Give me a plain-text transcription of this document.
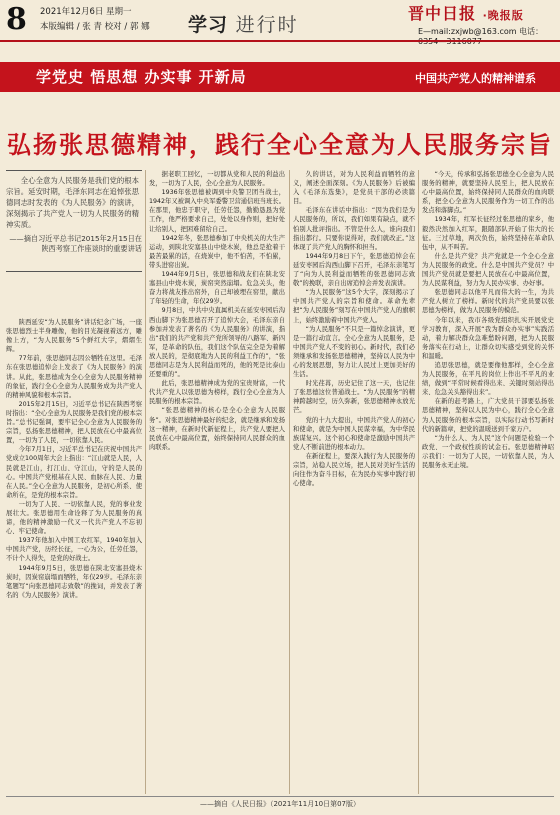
8 2021年12月6日 星期一
本版编辑 / 张 青 校对 / 郭 娜 学习 进行时
晋中日报 ·晚报版
E—mail:zxjwb@163.com 电话：
学党史 悟思想 办实事 开新局	中国共产党人的精神谱系
弘扬张思德精神，践行全心全意为人民服务宗旨

全心全意为人民服务是我们党的根本宗旨。延安时期，毛泽东同志在追悼张思德同志时发表的《为人民服务》的演讲，深刻揭示了共产党人一切为人民服务的精神实质。

——摘自习近平总书记2015年2月15日在陕西考察工作座谈时的重要讲话

陕西延安“为人民服务”讲话纪念广场，一座张思德烈士半身雕像，他的目光凝视着远方，雕像上方，“为人民服务”5个鲜红大字，熠熠生辉。

77年前，张思德同志因公牺牲在这里。毛泽东在张思德追悼会上发表了《为人民服务》的演讲。从此，张思德成为全心全意为人民服务精神的象征，践行全心全意为人民服务成为共产党人的精神风貌和根本宗旨。

2015年2月15日，习近平总书记在陕西考察时指出：“全心全意为人民服务是我们党的根本宗旨。”总书记强调，要牢记全心全意为人民服务的宗旨，弘扬张思德精神，把人民放在心中最高位置，一切为了人民，一切依靠人民。

今年7月1日，习近平总书记在庆祝中国共产党成立100周年大会上指出：“江山就是人民，人民就是江山，打江山、守江山，守的是人民的心。中国共产党根基在人民、血脉在人民、力量在人民。”全心全意为人民服务，是初心所系、使命所在，是党的根本宗旨。

一切为了人民、一切依靠人民，党的事业发展壮大。张思德用生命诠释了为人民服务的真谛，他的精神激励一代又一代共产党人不忘初心、牢记使命。

1937年他加入中国工农红军，1940年加入中国共产党，历经长征，一心为公，任劳任怨，不计个人得失，是党的好战士。

1944年9月5日，张思德在陕北安塞县烧木炭时，因炭窑崩塌而牺牲，年仅29岁。毛泽东亲笔题写“向张思德同志致敬”的挽词，并发表了著名的《为人民服务》演讲。

据老职工回忆，一切都从党和人民的利益出发，一切为了人民，全心全意为人民服务。

1936年张思德被调到中央警卫团当战士，1942年又被调入中央军委警卫营通信班当班长。在那里，他忠于职守，任劳任怨，勤勤恳恳为党工作，他严格要求自己，处处以身作则，把好处让给别人，把困难留给自己。

1942年冬，张思德参加了中央机关的大生产运动，到陕北安塞县山中烧木炭，他总是抢着干最苦最累的活，在烧炭中，他不怕苦，不怕累，带头进窑出炭。

1944年9月5日，张思德和战友们在陕北安塞县山中烧木炭，炭窑突然崩塌。危急关头，他奋力将战友推出窑外，自己却被埋在窑里，献出了年轻的生命，年仅29岁。

9月8日，中共中央直属机关在延安枣园后沟西山脚下为张思德召开了追悼大会，毛泽东亲自参加并发表了著名的《为人民服务》的讲演，指出“我们的共产党和共产党所领导的八路军、新四军，是革命的队伍，我们这个队伍完全是为着解放人民的，是彻底地为人民的利益工作的”，“张思德同志是为人民利益而死的，他的死是比泰山还要重的”。

此后，张思德精神成为党的宝贵财富，一代代共产党人以张思德为榜样，践行全心全意为人民服务的根本宗旨。

“张思德精神的核心是全心全意为人民服务”。对张思德精神最好的纪念，就是继承和发扬这一精神，在新时代新征程上，共产党人要把人民放在心中最高位置，始终保持同人民群众的血肉联系。

久的讲话，对为人民利益而牺牲的意义，阐述全面深刻。《为人民服务》后被编入《毛泽东选集》，是党员干部的必读篇目。

毛泽东在讲话中指出：“因为我们是为人民服务的，所以，我们如果有缺点，就不怕别人批评指出。不管是什么人，谁向我们指出都行。只要你说得对，我们就改正。”这体现了共产党人的胸怀和担当。

1944年9月8日下午，张思德追悼会在延安枣园后沟西山脚下召开，毛泽东亲笔写了“向为人民利益而牺牲的张思德同志致敬”的挽联，亲自出席追悼会并发表演讲。

“为人民服务”这5个大字，深刻揭示了中国共产党人的宗旨和使命。革命先辈把“为人民服务”刻写在中国共产党人的旗帜上，始终激励着中国共产党人。

“为人民服务”不只是一篇悼念演讲，更是一篇行动宣言。全心全意为人民服务，是中国共产党人不变的初心。新时代，我们必须继承和发扬张思德精神，坚持以人民为中心的发展思想，努力让人民过上更加美好的生活。

时光荏苒，历史记住了这一天，也记住了张思德这位普通战士。“为人民服务”的精神跨越时空，历久弥新，张思德精神永放光芒。

党的十九大提出，中国共产党人的初心和使命，就是为中国人民谋幸福，为中华民族谋复兴。这个初心和使命是激励中国共产党人不断前进的根本动力。

在新征程上，要深入践行为人民服务的宗旨，站稳人民立场，把人民对美好生活的向往作为奋斗目标，在为民办实事中践行初心使命。

“今天，传承和弘扬张思德全心全意为人民服务的精神，就要坚持人民至上，把人民放在心中最高位置，始终保持同人民群众的血肉联系，把全心全意为人民服务作为一切工作的出发点和落脚点。”

1934年，红军长征经过张思德的家乡，他毅然决然加入红军，跟随部队开始了伟大的长征。三过草地，两次负伤，始终坚持在革命队伍中，从不叫苦。

什么是共产党？共产党就是一个全心全意为人民服务的政党。什么是中国共产党员？中国共产党员就是要把人民放在心中最高位置，为人民谋利益，努力为人民办实事、办好事。

张思德同志以他平凡而伟大的一生，为共产党人树立了榜样。新时代的共产党员要以张思德为榜样，做为人民服务的模范。

今年以来，我市各级党组织扎实开展党史学习教育，深入开展“我为群众办实事”实践活动，着力解决群众急难愁盼问题，把为人民服务落实在行动上，让群众切实感受到党的关怀和温暖。

追思张思德，就是要像他那样，全心全意为人民服务，在平凡的岗位上作出不平凡的业绩，做到“平常时候看得出来、关键时刻站得出来、危急关头豁得出来”。

在新的赶考路上，广大党员干部要弘扬张思德精神，坚持以人民为中心，践行全心全意为人民服务的根本宗旨，以实际行动书写新时代的新篇章，把党的温暖送到千家万户。

“为什么人、为人民”这个问题是检验一个政党、一个政权性质的试金石。张思德精神昭示我们：一切为了人民，一切依靠人民，为人民服务永无止境。

——摘自《人民日报》（2021年11月10日第07版）
